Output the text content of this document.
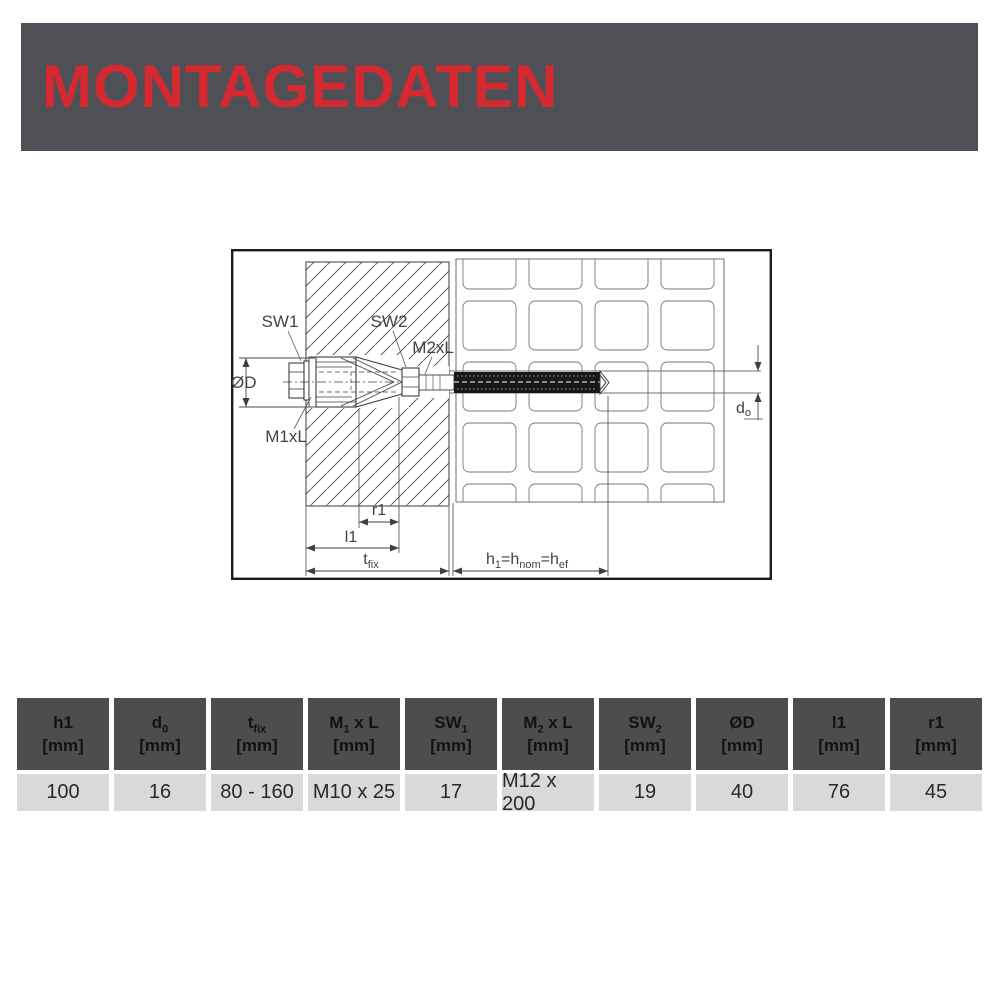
MONTAGEDATEN
ØD
do
SW1	SW2
M2xL
M1xL
r1
l1
$t_{fix}$	$h_1=h_{nom}=h_{ef}$
h1
[mm]
100
$d_0$
[mm]
16
$t_{fix}$
[mm]
80 - 160
$M_1$ x L
[mm]
M10 x 25
$SW_1$
[mm]
17
$M_2$ x L
[mm]
M12 x 200
$SW_2$
[mm]
19
ØD
[mm]
40
l1
[mm]
76
r1
[mm]
45
